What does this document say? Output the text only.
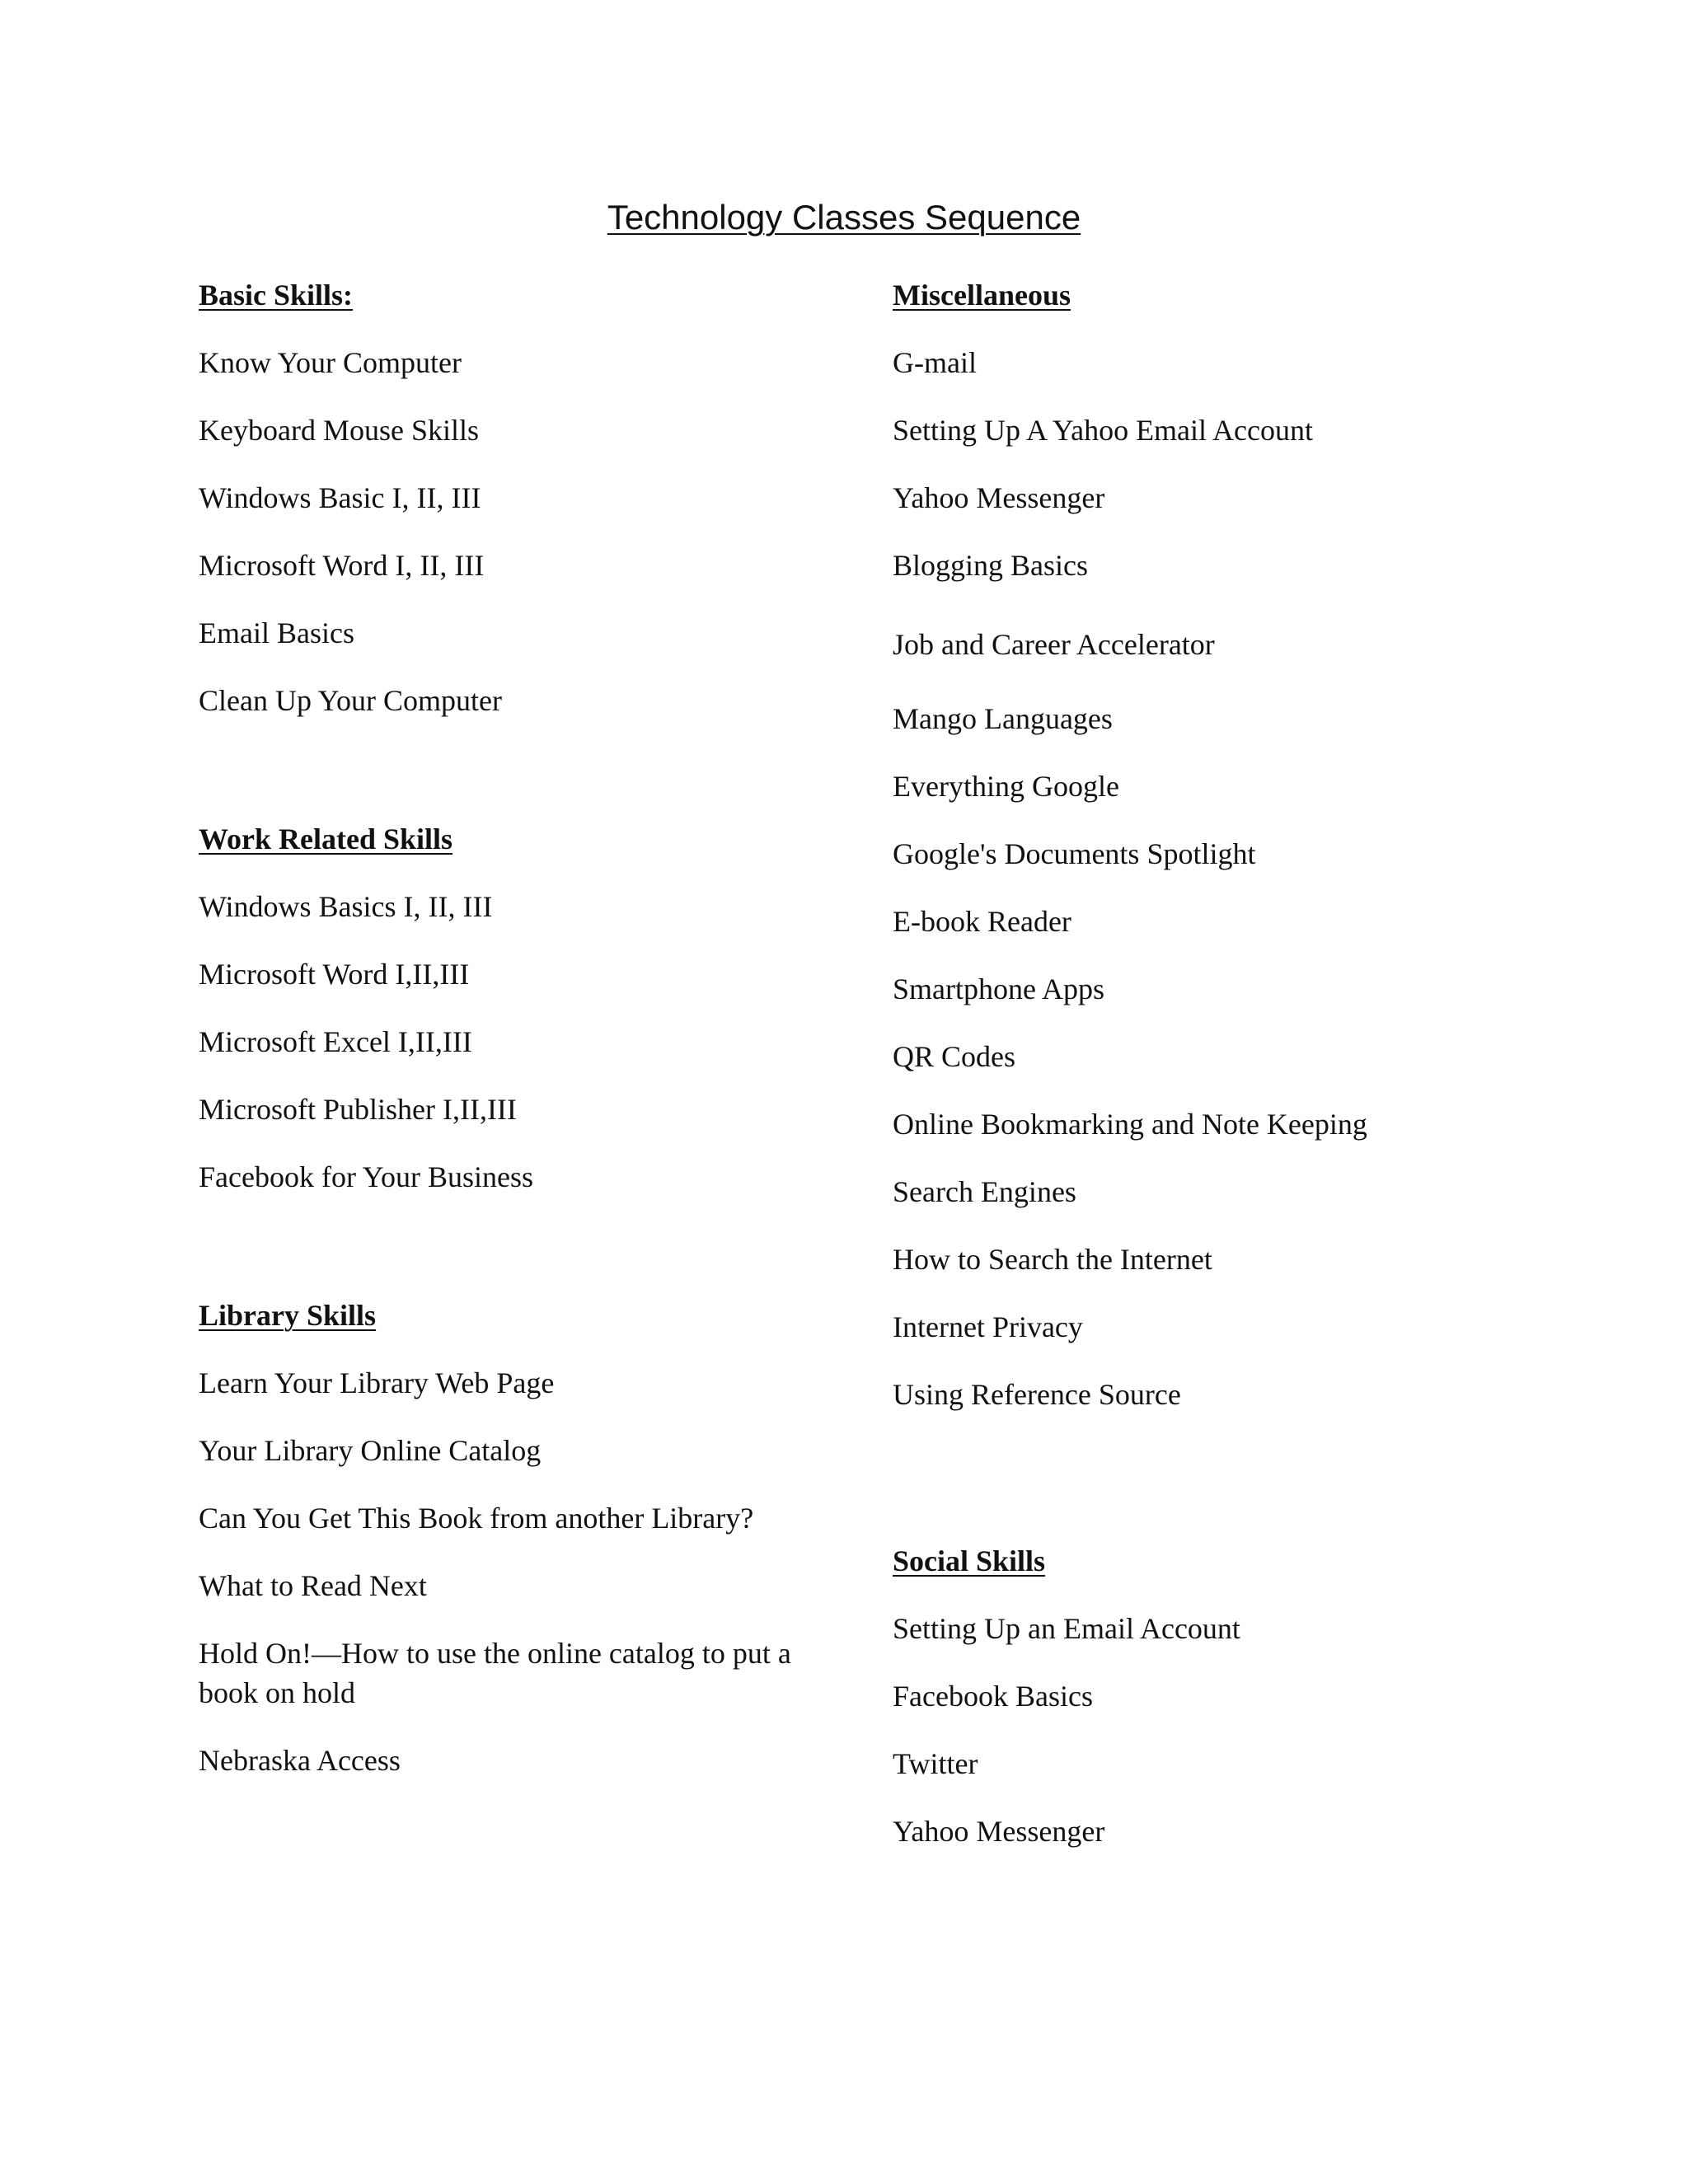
Technology Classes Sequence
Basic Skills:
Know Your Computer
Keyboard Mouse Skills
Windows Basic I, II, III
Microsoft Word I, II, III
Email Basics
Clean Up Your Computer
Work Related Skills
Windows Basics I, II, III
Microsoft Word I,II,III
Microsoft Excel I,II,III
Microsoft Publisher I,II,III
Facebook for Your Business
Library Skills
Learn Your Library Web Page
Your Library Online Catalog
Can You Get This Book from another Library?
What to Read Next
Hold On!—How to use the online catalog to put a book on hold
Nebraska Access
Miscellaneous
G-mail
Setting Up A Yahoo Email Account
Yahoo Messenger
Blogging Basics
Job and Career Accelerator
Mango Languages
Everything Google
Google's Documents Spotlight
E-book Reader
Smartphone Apps
QR Codes
Online Bookmarking and Note Keeping
Search Engines
How to Search the Internet
Internet Privacy
Using Reference Source
Social Skills
Setting Up an Email Account
Facebook Basics
Twitter
Yahoo Messenger
